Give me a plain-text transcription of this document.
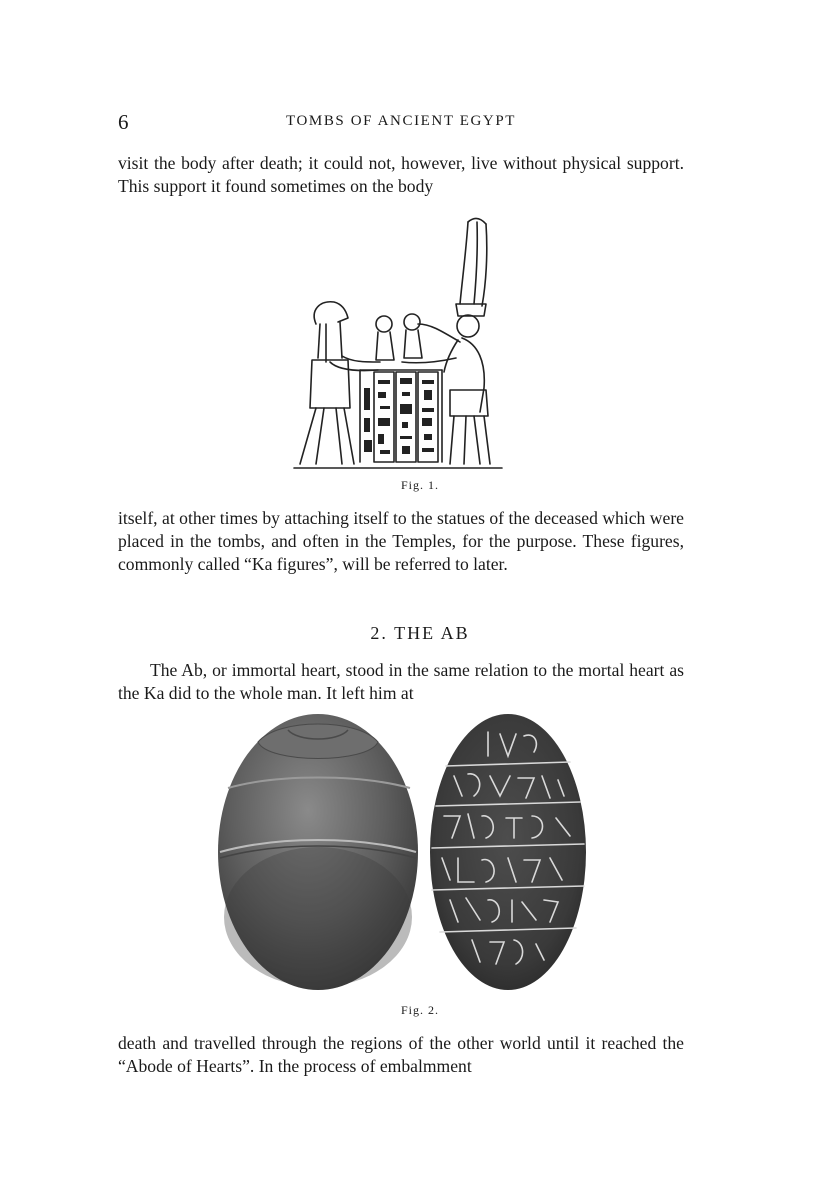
6	TOMBS OF ANCIENT EGYPT

visit the body after death; it could not, however, live without physical support. This support it found sometimes on the body

Fig. 1.

itself, at other times by attaching itself to the statues of the deceased which were placed in the tombs, and often in the Temples, for the purpose. These figures, commonly called “Ka figures”, will be referred to later.

2. THE AB

The Ab, or immortal heart, stood in the same relation to the mortal heart as the Ka did to the whole man. It left him at

Fig. 2.

death and travelled through the regions of the other world until it reached the “Abode of Hearts”. In the process of embalmment
